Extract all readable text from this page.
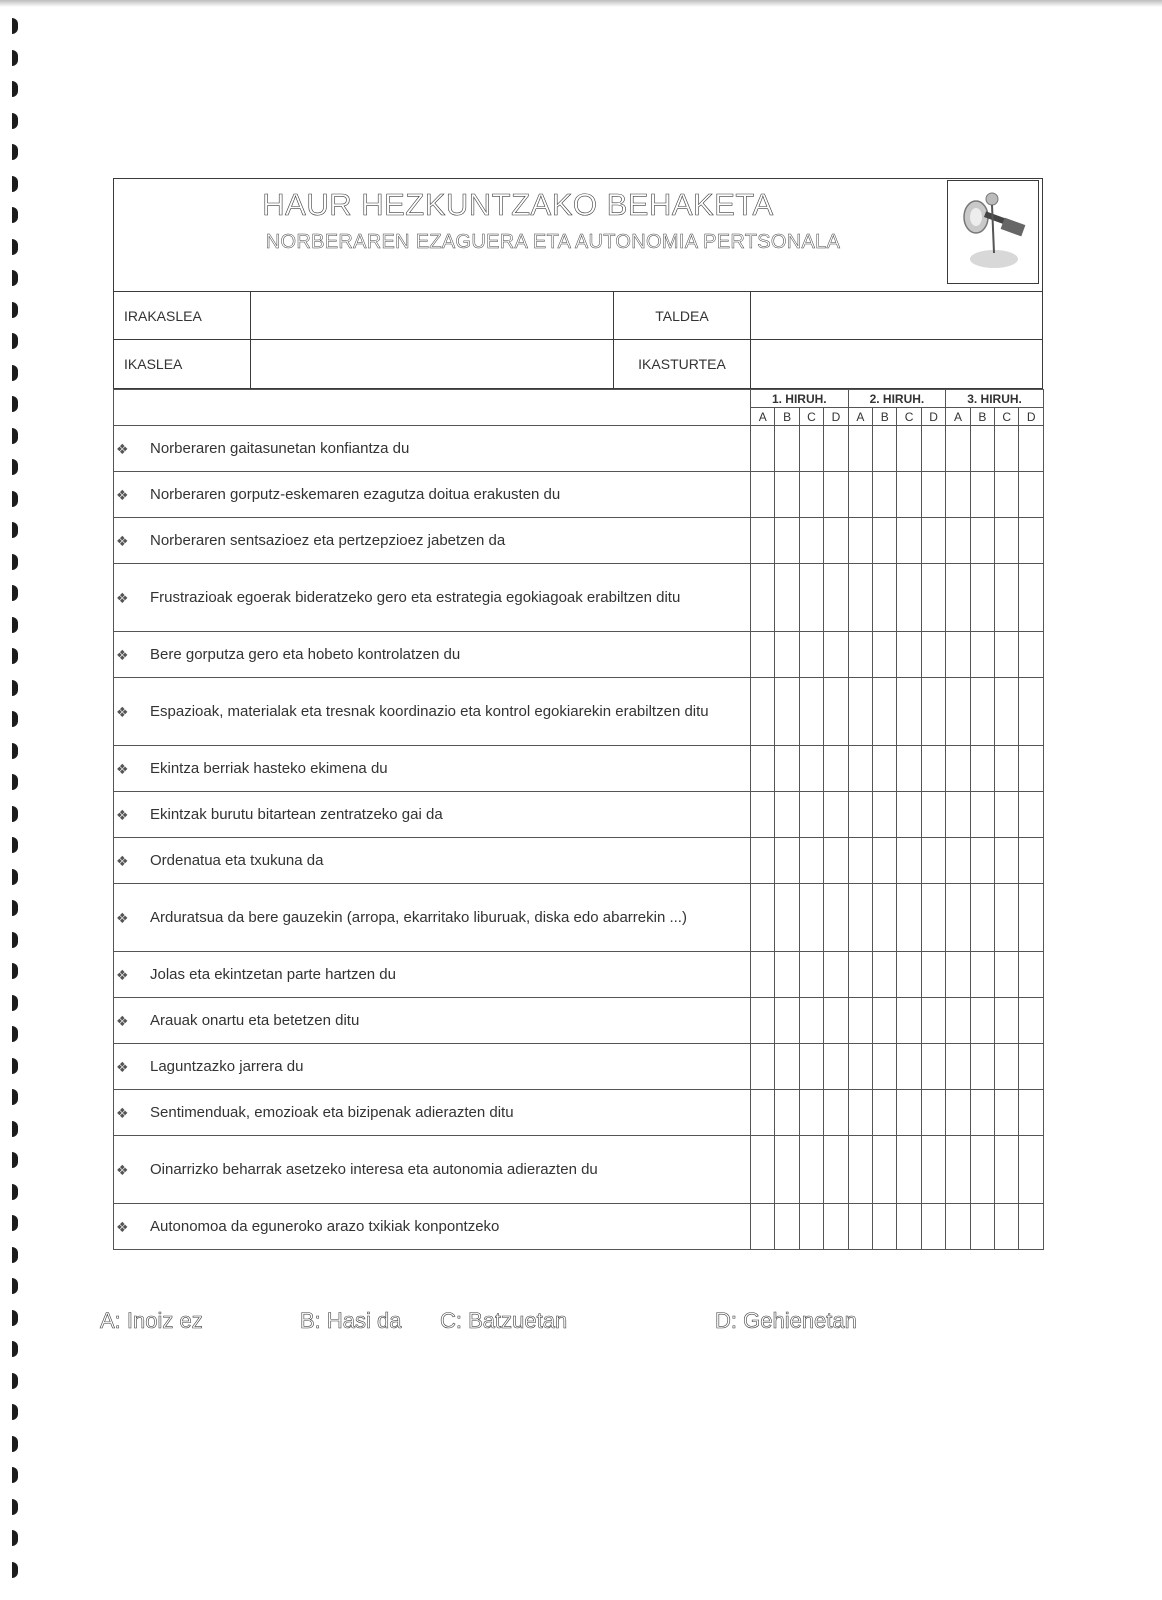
HAUR HEZKUNTZAKO BEHAKETA
NORBERAREN EZAGUERA ETA AUTONOMIA PERTSONALA
IRAKASLEA	TALDEA
IKASLEA	IKASTURTEA
	1. HIRUH.				2. HIRUH.				3. HIRUH.			
	A	B	C	D	A	B	C	D	A	B	C	D

❖ Norberaren gaitasunetan konfiantza du												

❖ Norberaren gorputz-eskemaren ezagutza doitua erakusten du												

❖ Norberaren sentsazioez eta pertzepzioez jabetzen da												

❖ Frustrazioak egoerak bideratzeko gero eta estrategia egokiagoak erabiltzen ditu												

❖ Bere gorputza gero eta hobeto kontrolatzen du												

❖ Espazioak, materialak eta tresnak koordinazio eta kontrol egokiarekin erabiltzen ditu												

❖ Ekintza berriak hasteko ekimena du												

❖ Ekintzak burutu bitartean zentratzeko gai da												

❖ Ordenatua eta txukuna da												

❖ Arduratsua da bere gauzekin (arropa, ekarritako liburuak, diska edo abarrekin ...)												

❖ Jolas eta ekintzetan parte hartzen du												

❖ Arauak onartu eta betetzen ditu												

❖ Laguntzazko jarrera du												

❖ Sentimenduak, emozioak eta bizipenak adierazten ditu												

❖ Oinarrizko beharrak asetzeko interesa eta autonomia adierazten du												

❖ Autonomoa da eguneroko arazo txikiak konpontzeko												

A: Inoiz ez	B: Hasi da C: Batzuetan	D: Gehienetan
